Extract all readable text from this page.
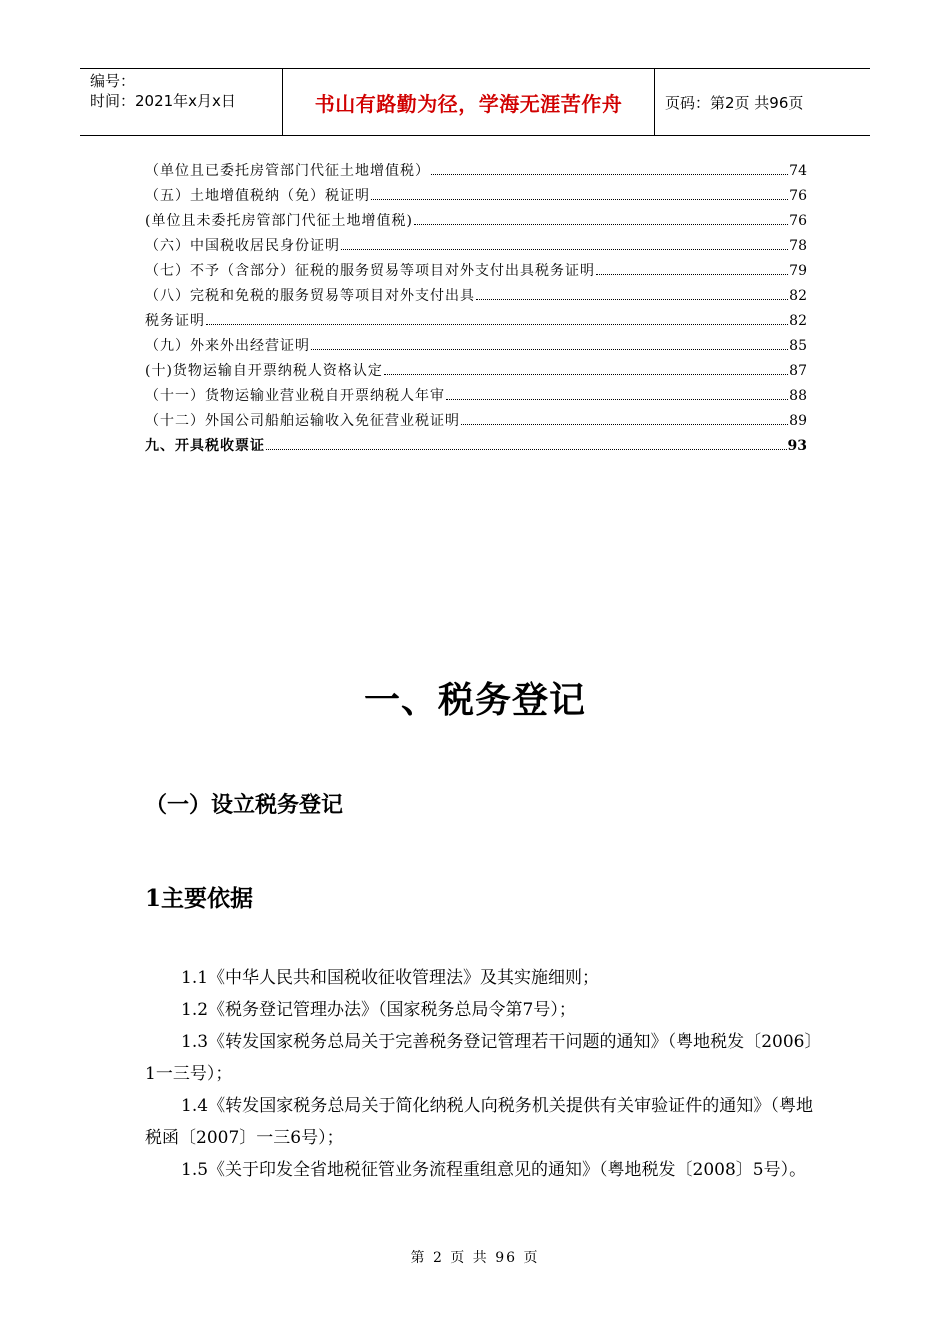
编号：
时间：2021年x月x日	书山有路勤为径，学海无涯苦作舟	页码：第2页 共96页
（单位且已委托房管部门代征土地增值税）	74
（五）土地增值税纳（免）税证明	76
(单位且未委托房管部门代征土地增值税)	76
（六）中国税收居民身份证明	78
（七）不予（含部分）征税的服务贸易等项目对外支付出具税务证明	79
（八）完税和免税的服务贸易等项目对外支付出具	82
税务证明	82
（九）外来外出经营证明	85
(十)货物运输自开票纳税人资格认定	87
（十一）货物运输业营业税自开票纳税人年审	88
（十二）外国公司船舶运输收入免征营业税证明	89
九、开具税收票证	93
一、税务登记
（一）设立税务登记
1主要依据
1.1《中华人民共和国税收征收管理法》及其实施细则；
1.2《税务登记管理办法》（国家税务总局令第7号）；
1.3《转发国家税务总局关于完善税务登记管理若干问题的通知》（粤地税发〔2006〕1一三号）；
1.4《转发国家税务总局关于简化纳税人向税务机关提供有关审验证件的通知》（粤地税函〔2007〕一三6号）；
1.5《关于印发全省地税征管业务流程重组意见的通知》（粤地税发〔2008〕5号）。
第 2 页 共 96 页
